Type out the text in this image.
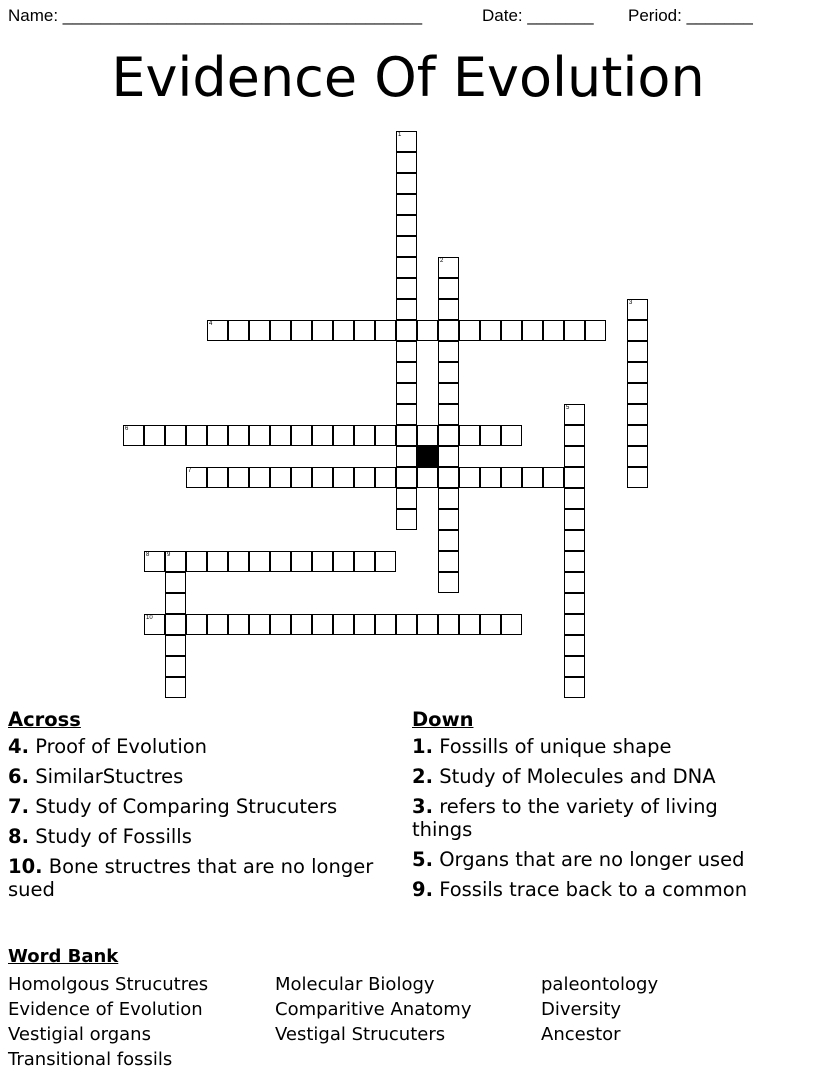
Name: ______________________________________

	Date: _______

Period: _______

Evidence Of Evolution
1
2
3
4
5
6
7
8	9
10
Across
4. Proof of Evolution
6. SimilarStuctres
7. Study of Comparing Strucuters
8. Study of Fossills
10. Bone structres that are no longer sued
Down
1. Fossills of unique shape
2. Study of Molecules and DNA
3. refers to the variety of living things
5. Organs that are no longer used
9. Fossils trace back to a common
Word Bank
Homolgous Strucutres
Evidence of Evolution
Vestigial organs
Transitional fossils
Molecular Biology
Comparitive Anatomy
Vestigal Strucuters
paleontology
Diversity
Ancestor
